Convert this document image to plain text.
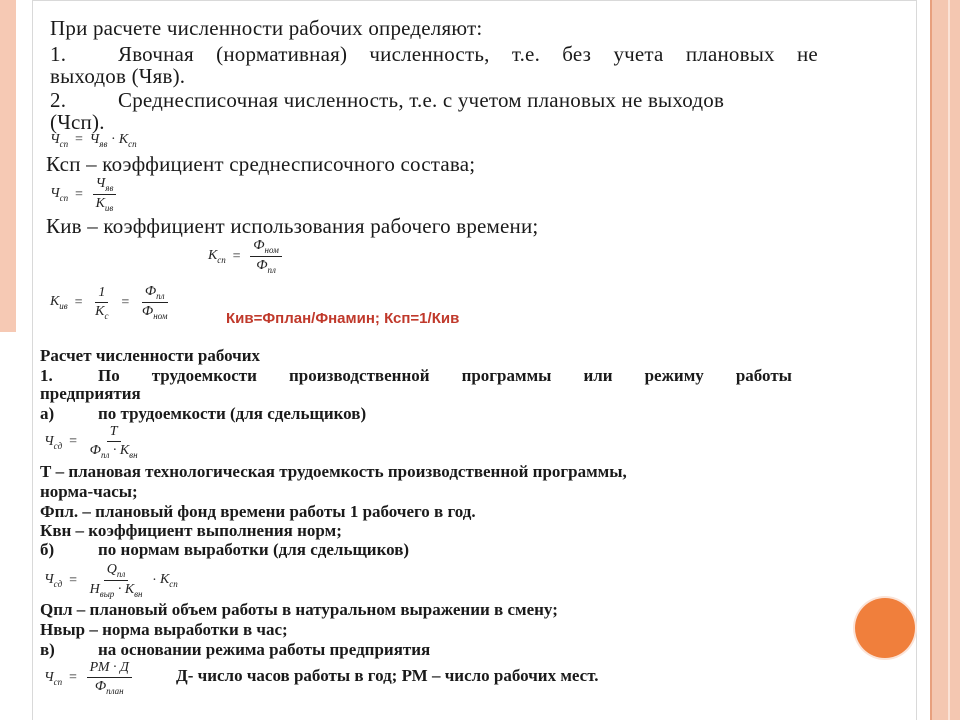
При расчете численности рабочих определяют:
1. Явочная (нормативная) численность, т.е. без учета плановых не
выходов (Чяв).
2. Среднесписочная численность, т.е. с учетом плановых не выходов
(Чсп).
$Ч_{сп} = Ч_{яв} \cdot К_{сп}$
Ксп – коэффициент среднесписочного состава;
$Ч_{сп} = \frac{Ч_{яв}}{К_{ив}}$
Кив – коэффициент использования рабочего времени;
$К_{сп} = \frac{Ф_{ном}}{Ф_{пл}}$
$К_{ив} = \frac{1}{К_с} = \frac{Ф_{пл}}{Ф_{ном}}$	Кив=Фплан/Фнамин; Ксп=1/Кив
Расчет численности рабочих
1.	По трудоемкости производственной программы или режиму работы
предприятия
а)	по трудоемкости (для сдельщиков)
$Ч_{сд} = \frac{Т}{Ф_{пл} \cdot К_{вн}}$
Т – плановая технологическая трудоемкость производственной программы,
норма-часы;
Фпл. – плановый фонд времени работы 1 рабочего в год.
Квн – коэффициент выполнения норм;
б)	по нормам выработки (для сдельщиков)
$Ч_{сд} = \frac{Q_{пл}}{Н_{выр} \cdot К_{вн}} \cdot К_{сп}$
Qпл – плановый объем работы в натуральном выражении в смену;
Нвыр – норма выработки в час;
в)	на основании режима работы предприятия
$Ч_{сп} = \frac{РМ \cdot Д}{Ф_{план}}$	Д- число часов работы в год; РМ – число рабочих мест.
